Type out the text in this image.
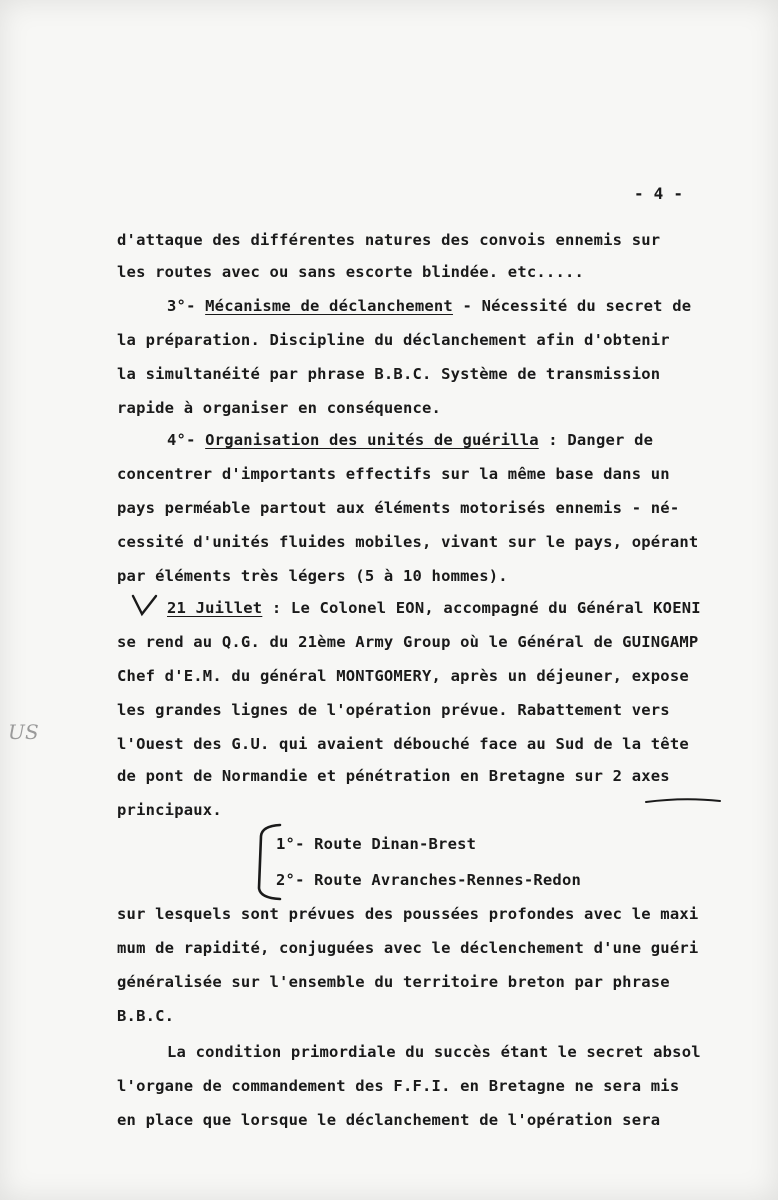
- 4 -
US
d'attaque des différentes natures des convois ennemis sur
les routes avec ou sans escorte blindée. etc.....
3°- Mécanisme de déclanchement - Nécessité du secret de
la préparation. Discipline du déclanchement afin d'obtenir
la simultanéité par phrase B.B.C. Système de transmission
rapide à organiser en conséquence.
4°- Organisation des unités de guérilla : Danger de
concentrer d'importants effectifs sur la même base dans un
pays perméable partout aux éléments motorisés ennemis - né-
cessité d'unités fluides mobiles, vivant sur le pays, opérant
par éléments très légers (5 à 10 hommes).
21 Juillet : Le Colonel EON, accompagné du Général KOENI
se rend au Q.G. du 21ème Army Group où le Général de GUINGAMP
Chef d'E.M. du général MONTGOMERY, après un déjeuner, expose
les grandes lignes de l'opération prévue. Rabattement vers
l'Ouest des G.U. qui avaient débouché face au Sud de la tête
de pont de Normandie et pénétration en Bretagne sur 2 axes
principaux.
1°- Route Dinan-Brest
2°- Route Avranches-Rennes-Redon
sur lesquels sont prévues des poussées profondes avec le maxi
mum de rapidité, conjuguées avec le déclenchement d'une guéri
généralisée sur l'ensemble du territoire breton par phrase
B.B.C.
La condition primordiale du succès étant le secret absol
l'organe de commandement des F.F.I. en Bretagne ne sera mis
en place que lorsque le déclanchement de l'opération sera
